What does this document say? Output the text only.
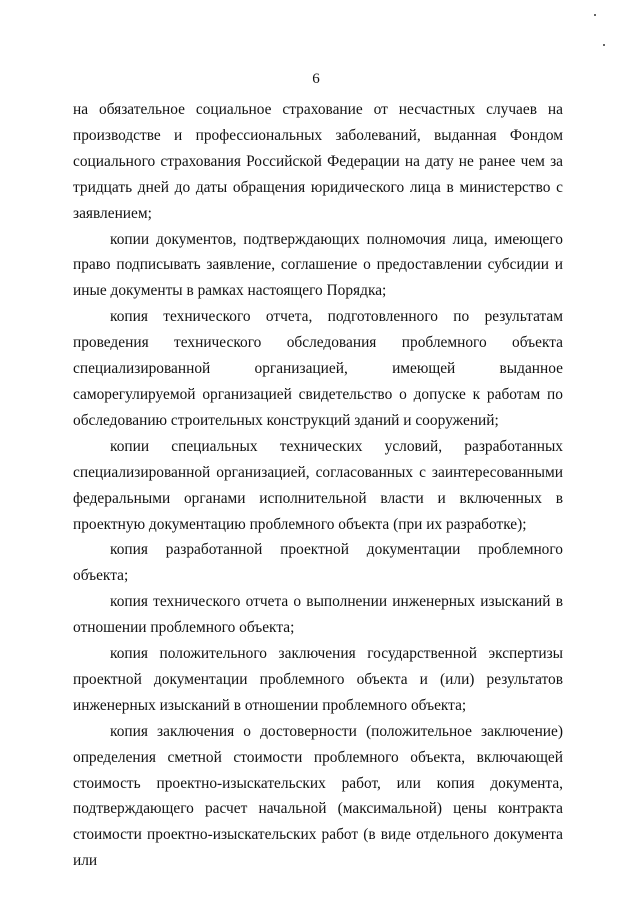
6

на обязательное социальное страхование от несчастных случаев на производстве и профессиональных заболеваний, выданная Фондом социального страхования Российской Федерации на дату не ранее чем за тридцать дней до даты обращения юридического лица в министерство с заявлением;

копии документов, подтверждающих полномочия лица, имеющего право подписывать заявление, соглашение о предоставлении субсидии и иные документы в рамках настоящего Порядка;

копия технического отчета, подготовленного по результатам проведения технического обследования проблемного объекта специализированной организацией, имеющей выданное саморегулируемой организацией свидетельство о допуске к работам по обследованию строительных конструкций зданий и сооружений;

копии специальных технических условий, разработанных специализированной организацией, согласованных с заинтересованными федеральными органами исполнительной власти и включенных в проектную документацию проблемного объекта (при их разработке);

копия разработанной проектной документации проблемного объекта;

копия технического отчета о выполнении инженерных изысканий в отношении проблемного объекта;

копия положительного заключения государственной экспертизы проектной документации проблемного объекта и (или) результатов инженерных изысканий в отношении проблемного объекта;

копия заключения о достоверности (положительное заключение) определения сметной стоимости проблемного объекта, включающей стоимость проектно-изыскательских работ, или копия документа, подтверждающего расчет начальной (максимальной) цены контракта стоимости проектно-изыскательских работ (в виде отдельного документа или
